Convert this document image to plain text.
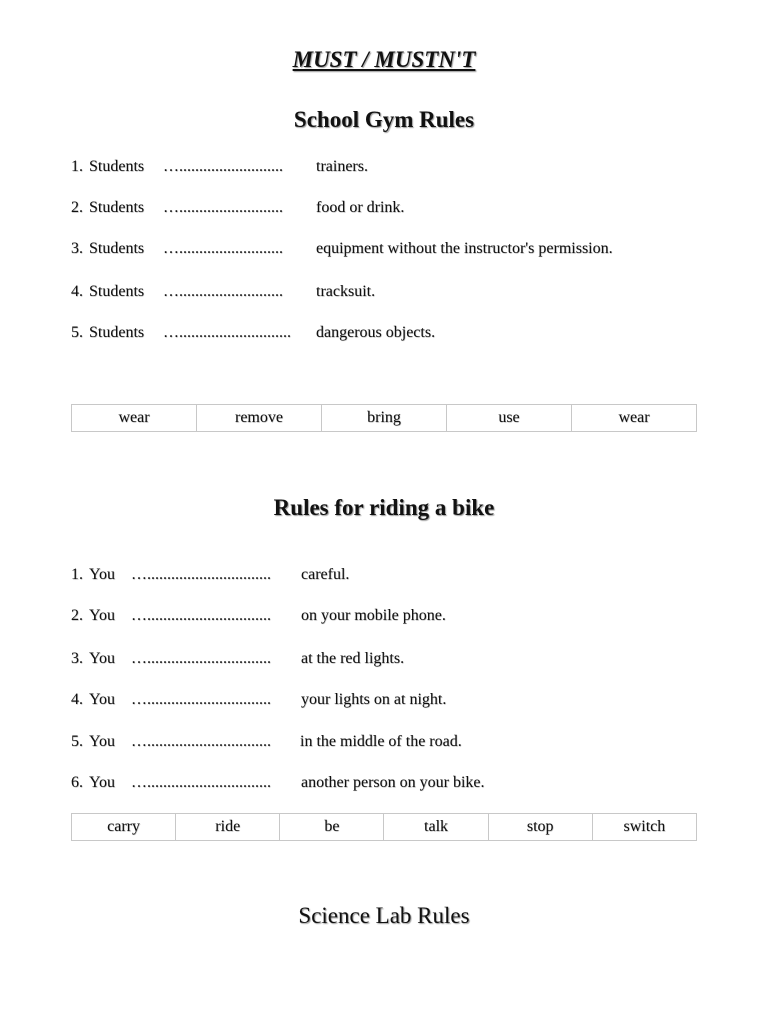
MUST / MUSTN'T
School Gym Rules
1. Students ….......................... trainers.
2. Students ….......................... food or drink.
3. Students ….......................... equipment without the instructor's permission.
4. Students ….......................... tracksuit.
5. Students …............................ dangerous objects.
wear	remove	bring	use	wear
Rules for riding a bike
1. You …............................... careful.
2. You …............................... on your mobile phone.
3. You …............................... at the red lights.
4. You …............................... your lights on at night.
5. You …............................... in the middle of the road.
6. You …............................... another person on your bike.
carry	ride	be	talk	stop	switch
Science Lab Rules
